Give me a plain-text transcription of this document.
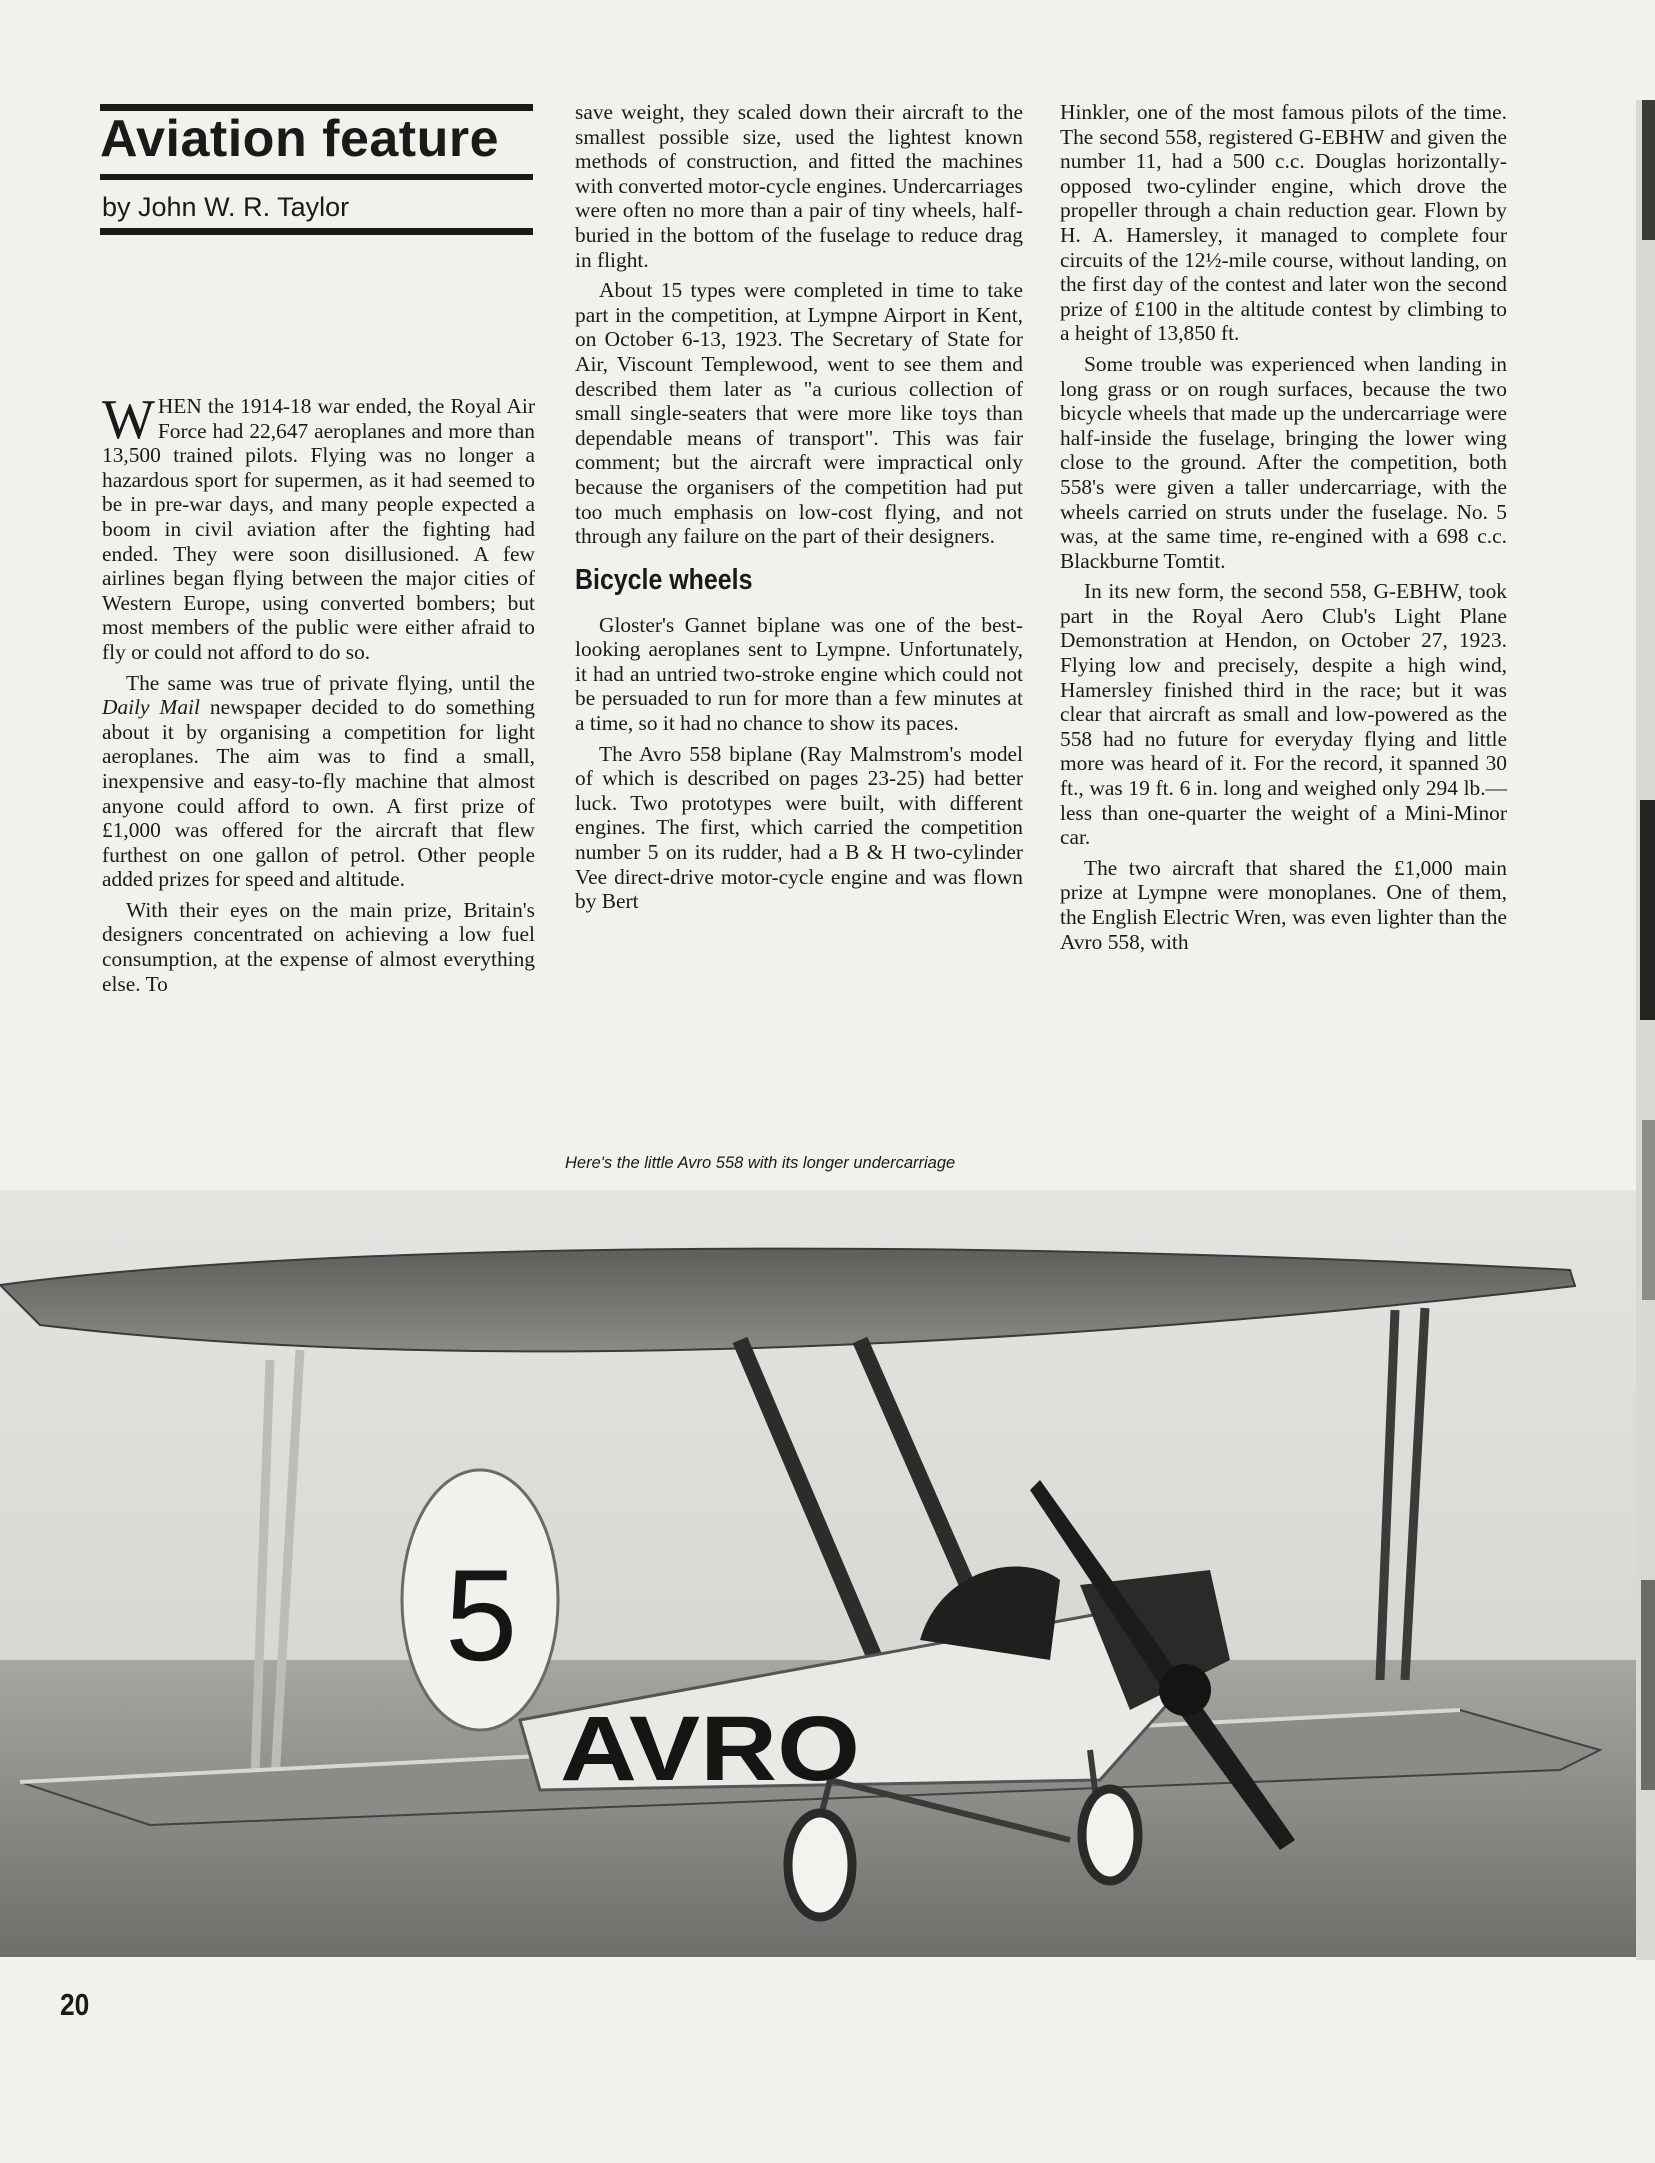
Aviation feature
by John W. R. Taylor

WHEN the 1914-18 war ended, the Royal Air Force had 22,647 aeroplanes and more than 13,500 trained pilots. Flying was no longer a hazardous sport for supermen, as it had seemed to be in pre-war days, and many people expected a boom in civil aviation after the fighting had ended. They were soon disillusioned. A few airlines began flying between the major cities of Western Europe, using converted bombers; but most members of the public were either afraid to fly or could not afford to do so.

The same was true of private flying, until the Daily Mail newspaper decided to do something about it by organising a competition for light aeroplanes. The aim was to find a small, inexpensive and easy-to-fly machine that almost anyone could afford to own. A first prize of £1,000 was offered for the aircraft that flew furthest on one gallon of petrol. Other people added prizes for speed and altitude.

With their eyes on the main prize, Britain's designers concentrated on achieving a low fuel consumption, at the expense of almost everything else. To

save weight, they scaled down their aircraft to the smallest possible size, used the lightest known methods of construction, and fitted the machines with converted motor-cycle engines. Undercarriages were often no more than a pair of tiny wheels, half-buried in the bottom of the fuselage to reduce drag in flight.

About 15 types were completed in time to take part in the competition, at Lympne Airport in Kent, on October 6-13, 1923. The Secretary of State for Air, Viscount Templewood, went to see them and described them later as "a curious collection of small single-seaters that were more like toys than dependable means of transport". This was fair comment; but the aircraft were impractical only because the organisers of the competition had put too much emphasis on low-cost flying, and not through any failure on the part of their designers.

Bicycle wheels

Gloster's Gannet biplane was one of the best-looking aeroplanes sent to Lympne. Unfortunately, it had an untried two-stroke engine which could not be persuaded to run for more than a few minutes at a time, so it had no chance to show its paces.

The Avro 558 biplane (Ray Malmstrom's model of which is described on pages 23-25) had better luck. Two prototypes were built, with different engines. The first, which carried the competition number 5 on its rudder, had a B & H two-cylinder Vee direct-drive motor-cycle engine and was flown by Bert

Hinkler, one of the most famous pilots of the time. The second 558, registered G-EBHW and given the number 11, had a 500 c.c. Douglas horizontally-opposed two-cylinder engine, which drove the propeller through a chain reduction gear. Flown by H. A. Hamersley, it managed to complete four circuits of the 12½-mile course, without landing, on the first day of the contest and later won the second prize of £100 in the altitude contest by climbing to a height of 13,850 ft.

Some trouble was experienced when landing in long grass or on rough surfaces, because the two bicycle wheels that made up the undercarriage were half-inside the fuselage, bringing the lower wing close to the ground. After the competition, both 558's were given a taller undercarriage, with the wheels carried on struts under the fuselage. No. 5 was, at the same time, re-engined with a 698 c.c. Blackburne Tomtit.

In its new form, the second 558, G-EBHW, took part in the Royal Aero Club's Light Plane Demonstration at Hendon, on October 27, 1923. Flying low and precisely, despite a high wind, Hamersley finished third in the race; but it was clear that aircraft as small and low-powered as the 558 had no future for everyday flying and little more was heard of it. For the record, it spanned 30 ft., was 19 ft. 6 in. long and weighed only 294 lb.—less than one-quarter the weight of a Mini-Minor car.

The two aircraft that shared the £1,000 main prize at Lympne were monoplanes. One of them, the English Electric Wren, was even lighter than the Avro 558, with

Here's the little Avro 558 with its longer undercarriage
5
AVRO
20
